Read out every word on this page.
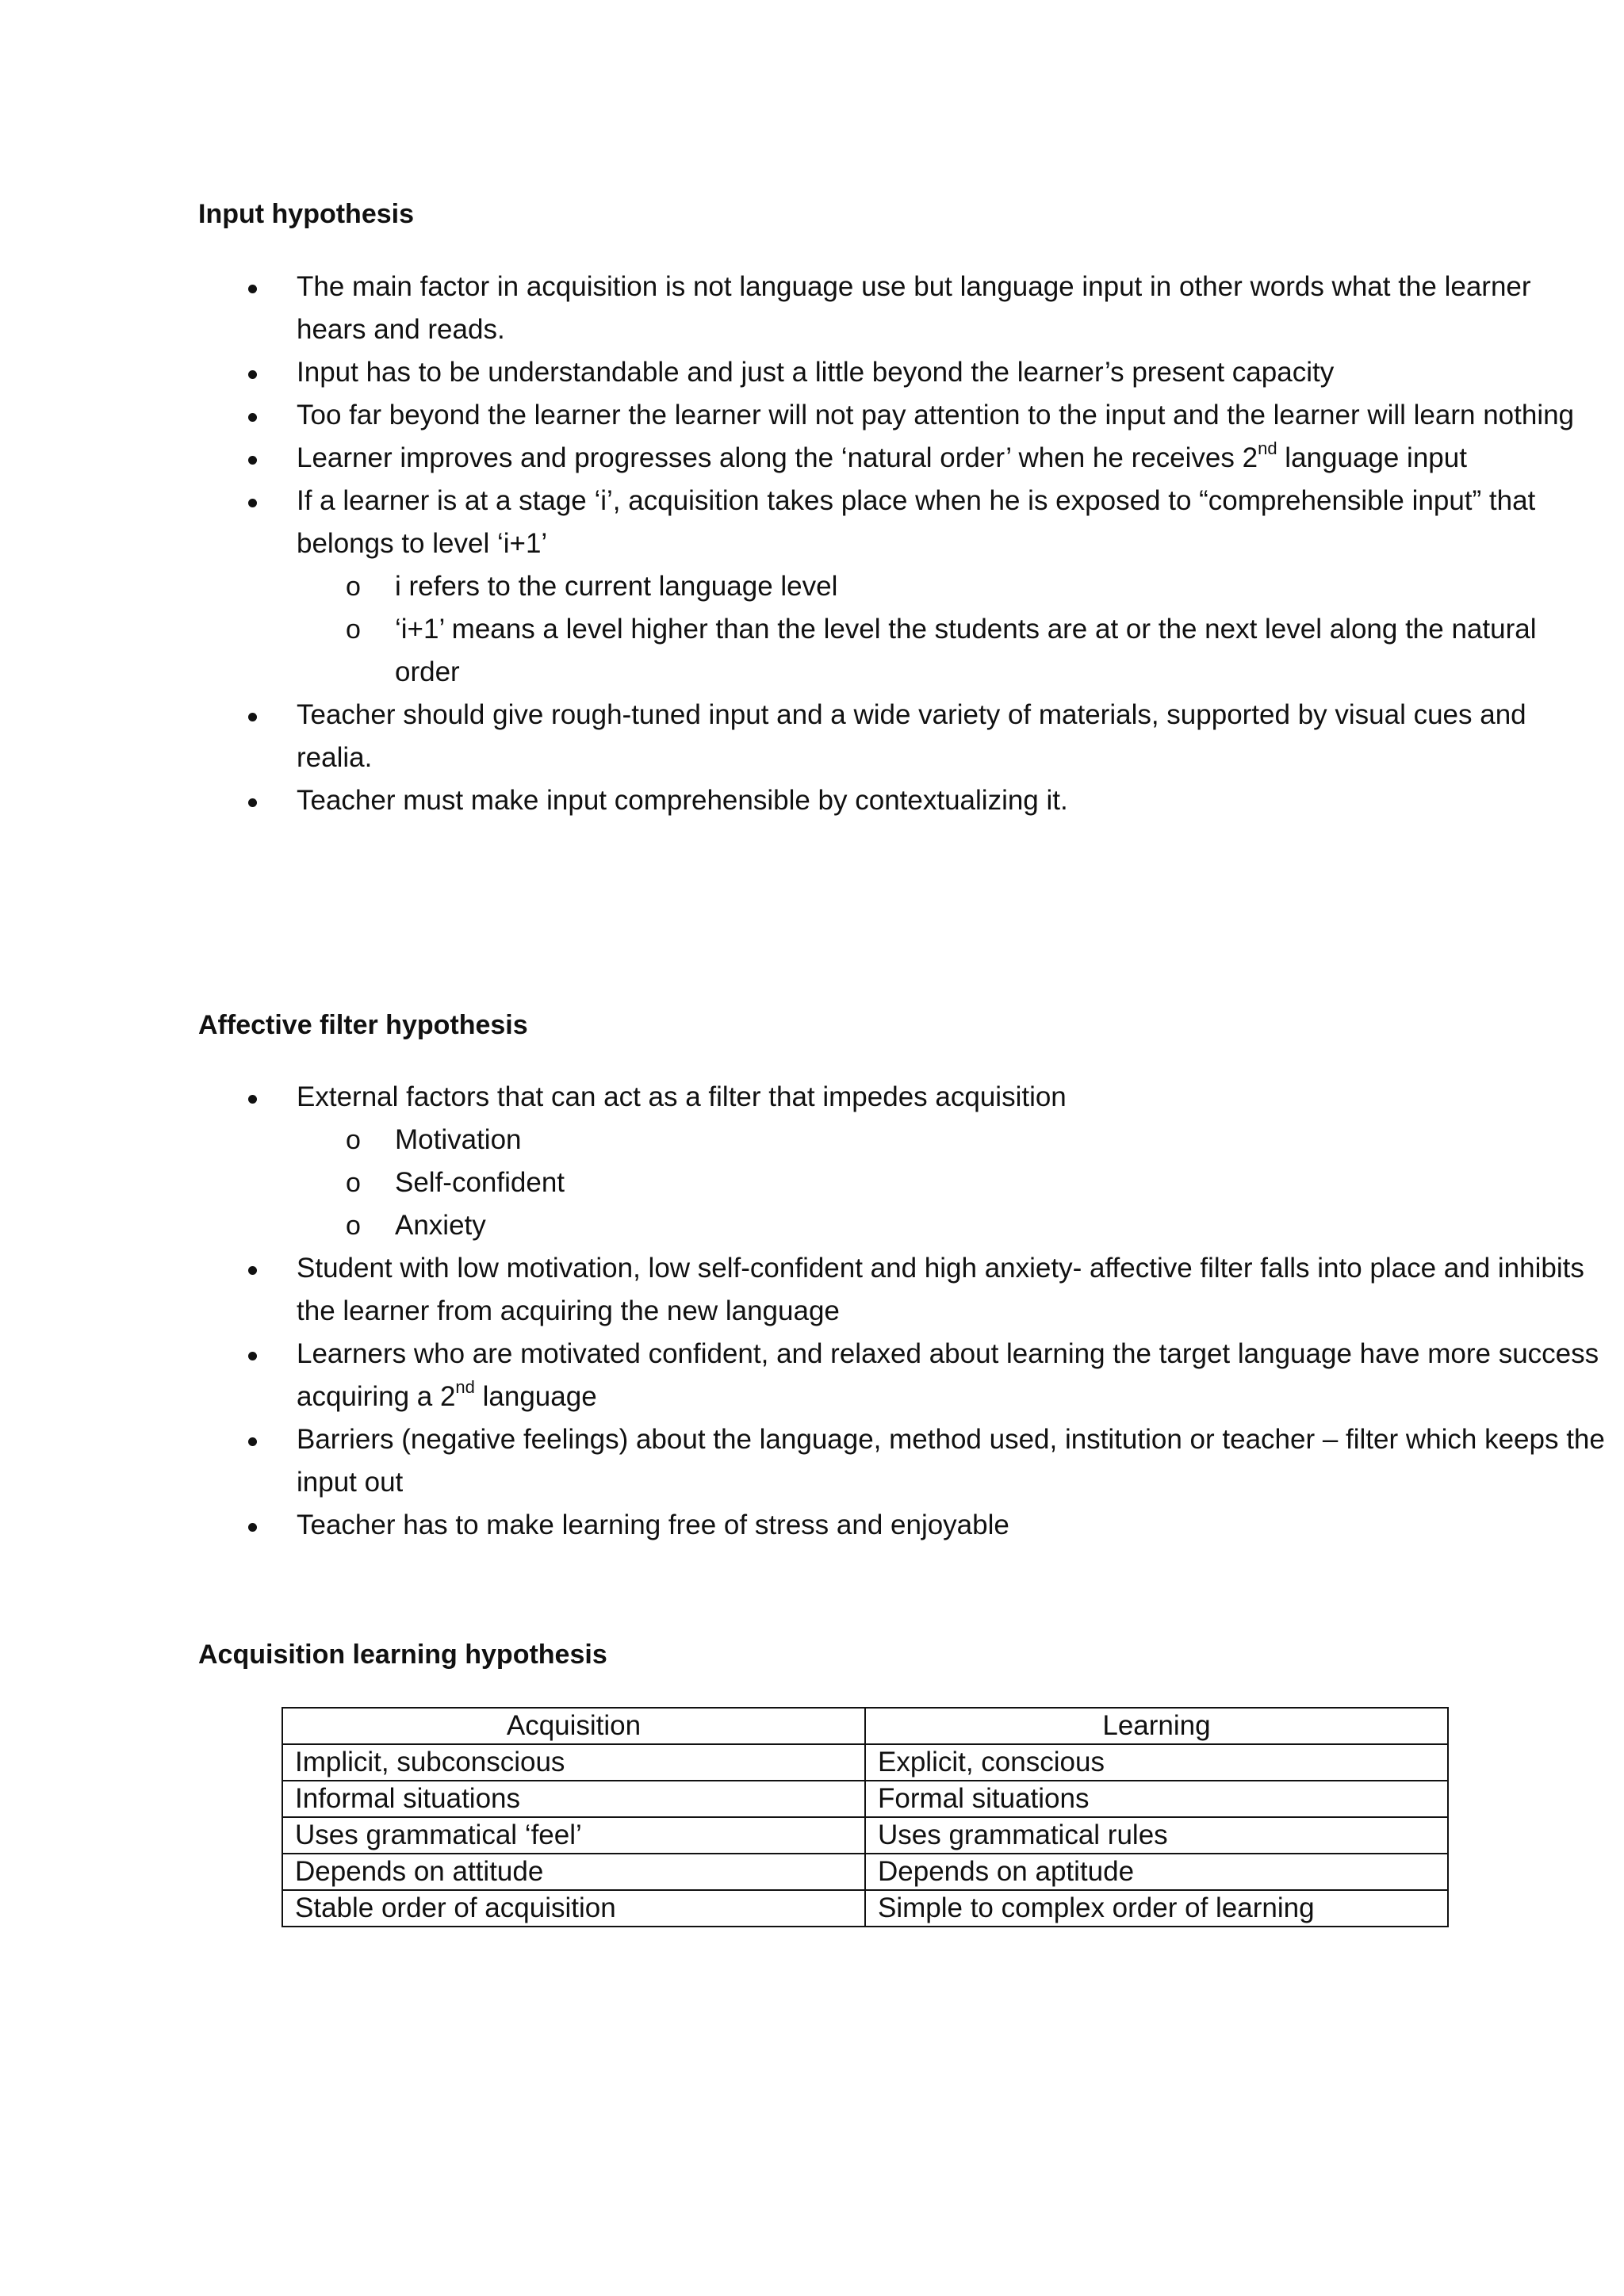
Input hypothesis
The main factor in acquisition is not language use but language input in other words what the learner hears and reads.
Input has to be understandable and just a little beyond the learner’s present capacity
Too far beyond the learner the learner will not pay attention to the input and the learner will learn nothing
Learner improves and progresses along the ‘natural order’ when he receives 2nd language input
If a learner is at a stage ‘i’, acquisition takes place when he is exposed to “comprehensible input” that belongs to level ‘i+1’
o i refers to the current language level
o ‘i+1’ means a level higher than the level the students are at or the next level along the natural order
Teacher should give rough-tuned input and a wide variety of materials, supported by visual cues and realia.
Teacher must make input comprehensible by contextualizing it.
Affective filter hypothesis
External factors that can act as a filter that impedes acquisition
o Motivation
o Self-confident
o Anxiety
Student with low motivation, low self-confident and high anxiety- affective filter falls into place and inhibits the learner from acquiring the new language
Learners who are motivated confident, and relaxed about learning the target language have more success acquiring a 2nd language
Barriers (negative feelings) about the language, method used, institution or teacher – filter which keeps the input out
Teacher has to make learning free of stress and enjoyable
Acquisition learning hypothesis
Acquisition	Learning
Implicit, subconscious	Explicit, conscious
Informal situations	Formal situations
Uses grammatical ‘feel’	Uses grammatical rules
Depends on attitude	Depends on aptitude
Stable order of acquisition	Simple to complex order of learning
